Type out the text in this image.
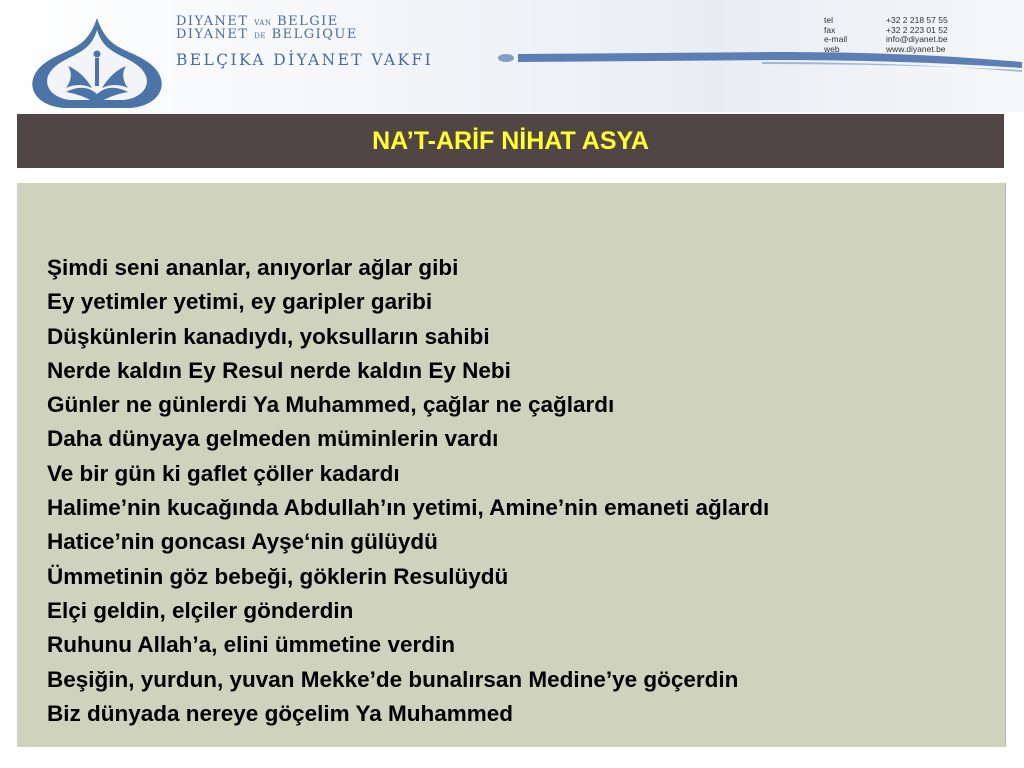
DIYANET VAN BELGIE
DIYANET DE BELGIQUE
BELÇIKA DİYANET VAKFI
tel	+32 2 218 57 55
fax	+32 2 223 01 52
e-mail	info@diyanet.be
web	www.diyanet.be
NA’T-ARİF NİHAT ASYA
Şimdi seni ananlar, anıyorlar ağlar gibi
Ey yetimler yetimi, ey garipler garibi
Düşkünlerin kanadıydı, yoksulların sahibi
Nerde kaldın Ey Resul nerde kaldın Ey Nebi
Günler ne günlerdi Ya Muhammed, çağlar ne çağlardı
Daha dünyaya gelmeden müminlerin vardı
Ve bir gün ki gaflet çöller kadardı
Halime’nin kucağında Abdullah’ın yetimi, Amine’nin emaneti ağlardı
Hatice’nin goncası Ayşe‘nin gülüydü
Ümmetinin göz bebeği, göklerin Resulüydü
Elçi geldin, elçiler gönderdin
Ruhunu Allah’a, elini ümmetine verdin
Beşiğin, yurdun, yuvan Mekke’de bunalırsan Medine’ye göçerdin
Biz dünyada nereye göçelim Ya Muhammed
